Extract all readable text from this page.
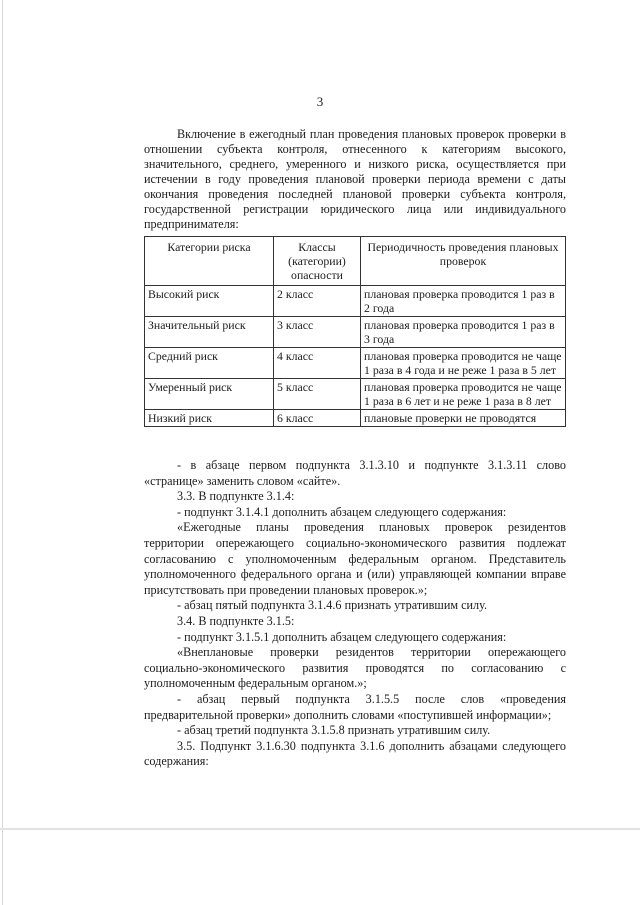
3

Включение в ежегодный план проведения плановых проверок проверки в отношении субъекта контроля, отнесенного к категориям высокого, значительного, среднего, умеренного и низкого риска, осуществляется при истечении в году проведения плановой проверки периода времени с даты окончания проведения последней плановой проверки субъекта контроля, государственной регистрации юридического лица или индивидуального предпринимателя:

Категории риска	Классы (категории) опасности	Периодичность проведения плановых проверок
Высокий риск	2 класс	плановая проверка проводится 1 раз в 2 года
Значительный риск	3 класс	плановая проверка проводится 1 раз в 3 года
Средний риск	4 класс	плановая проверка проводится не чаще 1 раза в 4 года и не реже 1 раза в 5 лет
Умеренный риск	5 класс	плановая проверка проводится не чаще 1 раза в 6 лет и не реже 1 раза в 8 лет
Низкий риск	6 класс	плановые проверки не проводятся

- в абзаце первом подпункта 3.1.3.10 и подпункте 3.1.3.11 слово «странице» заменить словом «сайте».

3.3. В подпункте 3.1.4:

- подпункт 3.1.4.1 дополнить абзацем следующего содержания:

«Ежегодные планы проведения плановых проверок резидентов территории опережающего социально-экономического развития подлежат согласованию с уполномоченным федеральным органом. Представитель уполномоченного федерального органа и (или) управляющей компании вправе присутствовать при проведении плановых проверок.»;

- абзац пятый подпункта 3.1.4.6 признать утратившим силу.

3.4. В подпункте 3.1.5:

- подпункт 3.1.5.1 дополнить абзацем следующего содержания:

«Внеплановые проверки резидентов территории опережающего социально-экономического развития проводятся по согласованию с уполномоченным федеральным органом.»;

- абзац первый подпункта 3.1.5.5 после слов «проведения предварительной проверки» дополнить словами «поступившей информации»;

- абзац третий подпункта 3.1.5.8 признать утратившим силу.

3.5. Подпункт 3.1.6.30 подпункта 3.1.6 дополнить абзацами следующего содержания:
